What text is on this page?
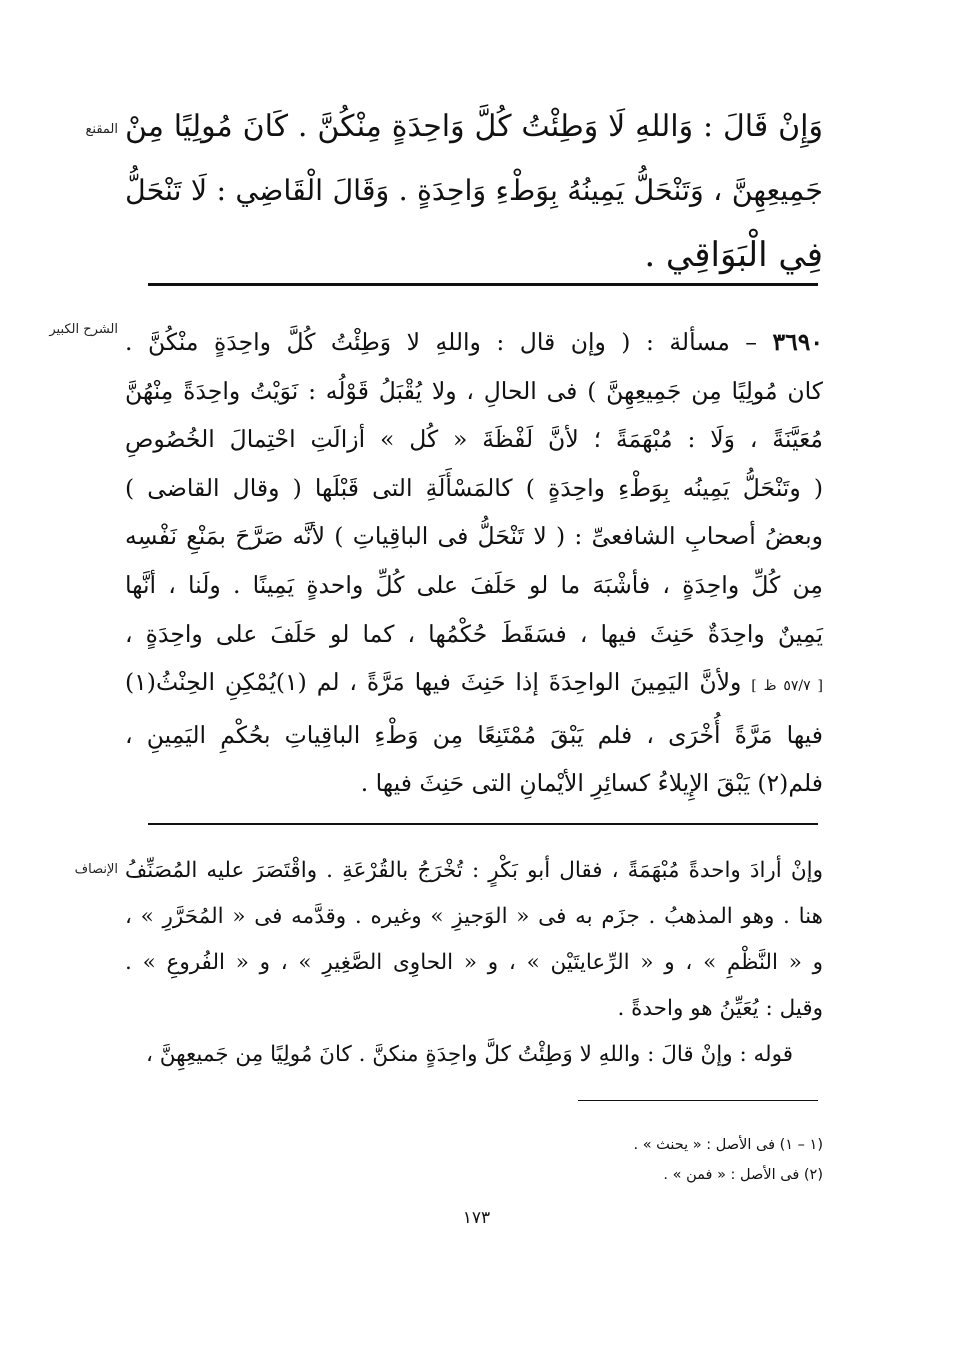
المقنع
الشرح الكبير
الإنصاف
وَإِنْ قَالَ : وَاللهِ لَا وَطِئْتُ كُلَّ وَاحِدَةٍ مِنْكُنَّ . كَانَ مُولِيًا مِنْ
جَمِيعِهِنَّ ، وَتَنْحَلُّ يَمِينُهُ بِوَطْءِ وَاحِدَةٍ . وَقَالَ الْقَاضِي : لَا تَنْحَلُّ
فِي الْبَوَاقِي .
٣٦٩٠ – مسألة : ( وإن قال : واللهِ لا وَطِئْتُ كُلَّ واحِدَةٍ منْكُنَّ .
كان مُولِيًا مِن جَمِيعِهِنَّ ) فى الحالِ ، ولا يُقْبَلُ قَوْلُه : نَوَيْتُ واحِدَةً مِنْهُنَّ
مُعَيَّنَةً ، وَلَا : مُبْهَمَةً ؛ لأنَّ لَفْظَةَ « كُل » أزالَتِ احْتِمالَ الخُصُوصِ
( وتَنْحَلُّ يَمِينُه بِوَطْءِ واحِدَةٍ ) كالمَسْأَلَةِ التى قَبْلَها ( وقال القاضى )
وبعضُ أصحابِ الشافعىِّ : ( لا تَنْحَلُّ فى الباقِياتِ ) لأنَّه صَرَّحَ بمَنْعِ نَفْسِه
مِن كُلِّ واحِدَةٍ ، فأشْبَهَ ما لو حَلَفَ على كُلِّ واحدةٍ يَمِينًا . ولَنا ، أنَّها
يَمِينٌ واحِدَةٌ حَنِثَ فيها ، فسَقَطَ حُكْمُها ، كما لو حَلَفَ على واحِدَةٍ ،
[ ٥٧/٧ ظ ] ولأنَّ اليَمِينَ الواحِدَةَ إذا حَنِثَ فيها مَرَّةً ، لم (١)يُمْكِنِ الحِنْثُ(١)
فيها مَرَّةً أُخْرَى ، فلم يَبْقَ مُمْتَنِعًا مِن وَطْءِ الباقِياتِ بحُكْمِ اليَمِينِ ،
فلم(٢) يَبْقَ الإِيلاءُ كسائِرِ الأيْمانِ التى حَنِثَ فيها .
وإنْ أرادَ واحدةً مُبْهَمَةً ، فقال أبو بَكْرٍ : تُخْرَجُ بالقُرْعَةِ . واقْتَصَرَ عليه المُصَنِّفُ
هنا . وهو المذهبُ . جزَم به فى « الوَجيزِ » وغيره . وقدَّمه فى « المُحَرَّرِ » ،
و « النَّظْمِ » ، و « الرِّعايتَيْن » ، و « الحاوِى الصَّغِيرِ » ، و « الفُروعِ » .
وقيل : يُعَيِّنُ هو واحدةً .
قوله : وإنْ قالَ : واللهِ لا وَطِئْتُ كلَّ واحِدَةٍ منكنَّ . كانَ مُولِيًا مِن جَميعِهِنَّ ،
(١ – ١) فى الأصل : « يحنث » .
(٢) فى الأصل : « فمن » .
١٧٣
